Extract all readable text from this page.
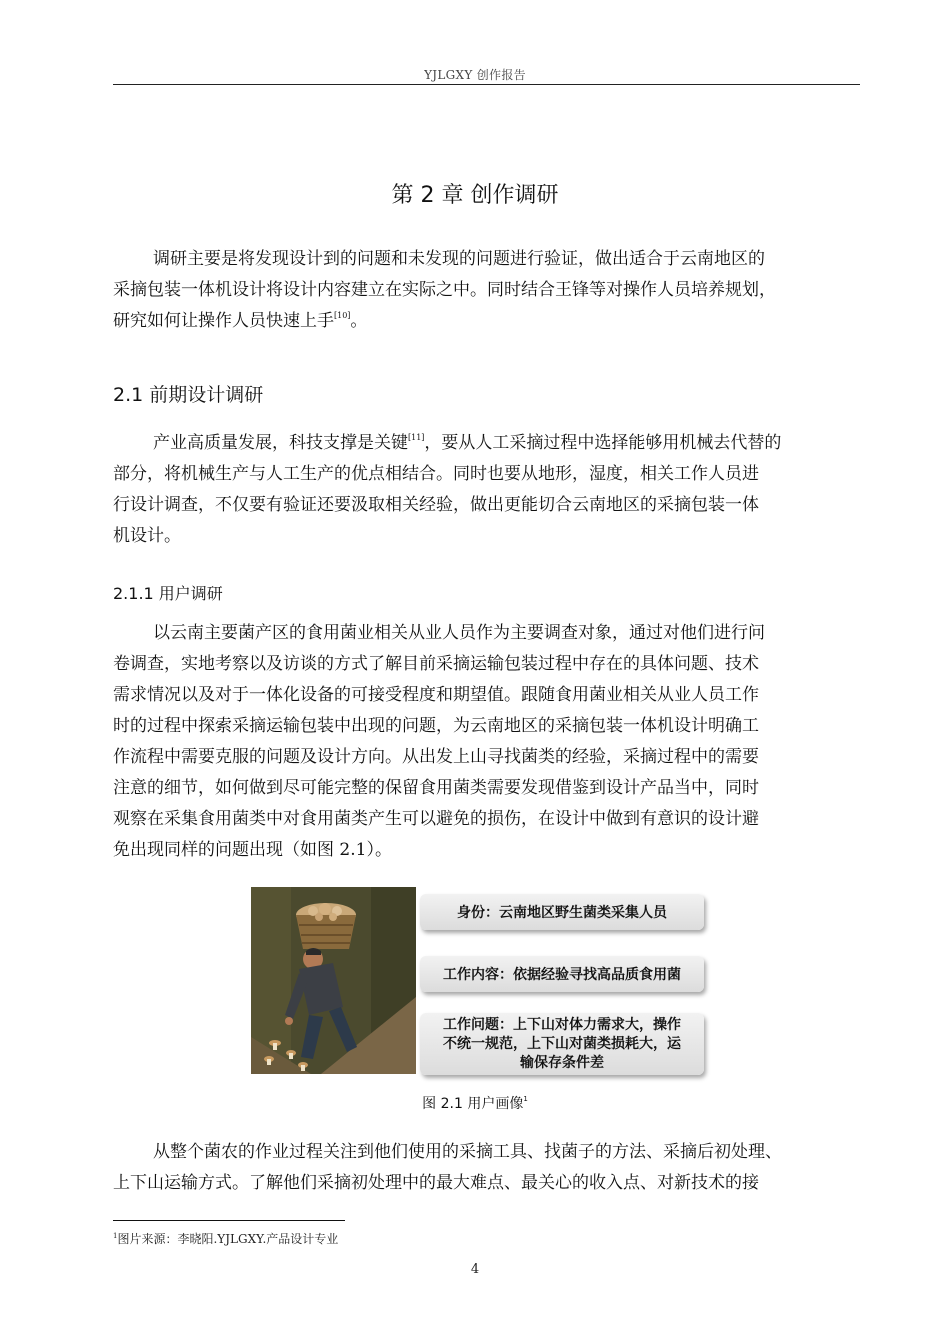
YJLGXY 创作报告
第 2 章 创作调研
调研主要是将发现设计到的问题和未发现的问题进行验证，做出适合于云南地区的
采摘包装一体机设计将设计内容建立在实际之中。同时结合王锋等对操作人员培养规划，
研究如何让操作人员快速上手[10]。
2.1 前期设计调研
产业高质量发展，科技支撑是关键[11]，要从人工采摘过程中选择能够用机械去代替的
部分，将机械生产与人工生产的优点相结合。同时也要从地形，湿度，相关工作人员进
行设计调查，不仅要有验证还要汲取相关经验，做出更能切合云南地区的采摘包装一体
机设计。
2.1.1 用户调研
以云南主要菌产区的食用菌业相关从业人员作为主要调查对象，通过对他们进行问
卷调查，实地考察以及访谈的方式了解目前采摘运输包装过程中存在的具体问题、技术
需求情况以及对于一体化设备的可接受程度和期望值。跟随食用菌业相关从业人员工作
时的过程中探索采摘运输包装中出现的问题，为云南地区的采摘包装一体机设计明确工
作流程中需要克服的问题及设计方向。从出发上山寻找菌类的经验，采摘过程中的需要
注意的细节，如何做到尽可能完整的保留食用菌类需要发现借鉴到设计产品当中，同时
观察在采集食用菌类中对食用菌类产生可以避免的损伤，在设计中做到有意识的设计避
免出现同样的问题出现（如图 2.1）。
身份：云南地区野生菌类采集人员
工作内容：依据经验寻找高品质食用菌
工作问题：上下山对体力需求大，操作
不统一规范，上下山对菌类损耗大，运
输保存条件差
图 2.1 用户画像$^1$
从整个菌农的作业过程关注到他们使用的采摘工具、找菌子的方法、采摘后初处理、
上下山运输方式。了解他们采摘初处理中的最大难点、最关心的收入点、对新技术的接
$^1$图片来源：李晓阳.YJLGXY.产品设计专业
4
